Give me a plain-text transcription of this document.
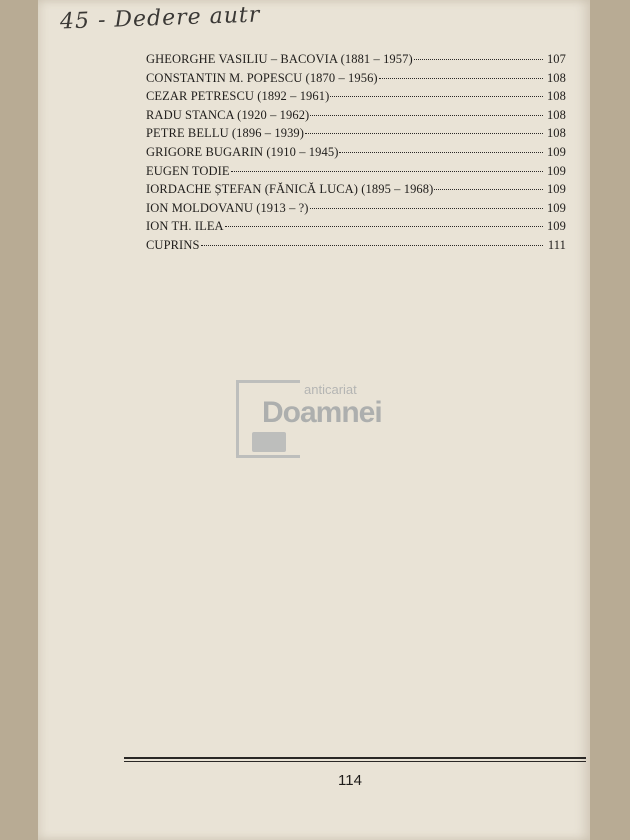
45 - Dedere autr
GHEORGHE VASILIU – BACOVIA (1881 – 1957)	107
CONSTANTIN M. POPESCU (1870 – 1956)	108
CEZAR PETRESCU (1892 – 1961)	108
RADU STANCA (1920 – 1962)	108
PETRE BELLU (1896 – 1939)	108
GRIGORE BUGARIN (1910 – 1945)	109
EUGEN TODIE	109
IORDACHE ȘTEFAN (FĂNICĂ LUCA) (1895 – 1968)	109
ION MOLDOVANU (1913 – ?)	109
ION TH. ILEA	109
CUPRINS	111
anticariat
Doamnei
114
